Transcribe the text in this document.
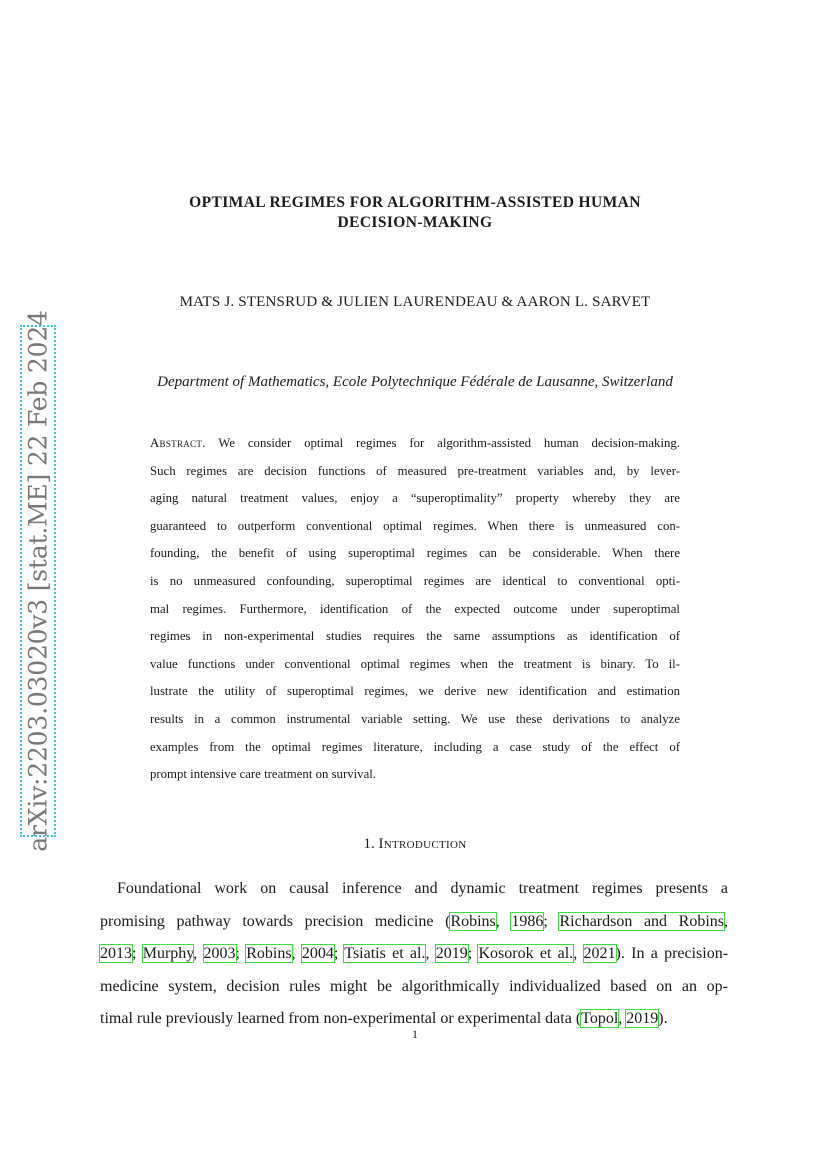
arXiv:2203.03020v3 [stat.ME] 22 Feb 2024
OPTIMAL REGIMES FOR ALGORITHM-ASSISTED HUMAN
DECISION-MAKING
MATS J. STENSRUD & JULIEN LAURENDEAU & AARON L. SARVET
Department of Mathematics, Ecole Polytechnique Fédérale de Lausanne, Switzerland
Abstract. We consider optimal regimes for algorithm-assisted human decision-making.
Such regimes are decision functions of measured pre-treatment variables and, by lever-
aging natural treatment values, enjoy a “superoptimality” property whereby they are
guaranteed to outperform conventional optimal regimes. When there is unmeasured con-
founding, the benefit of using superoptimal regimes can be considerable. When there
is no unmeasured confounding, superoptimal regimes are identical to conventional opti-
mal regimes. Furthermore, identification of the expected outcome under superoptimal
regimes in non-experimental studies requires the same assumptions as identification of
value functions under conventional optimal regimes when the treatment is binary. To il-
lustrate the utility of superoptimal regimes, we derive new identification and estimation
results in a common instrumental variable setting. We use these derivations to analyze
examples from the optimal regimes literature, including a case study of the effect of
prompt intensive care treatment on survival.
1. Introduction
Foundational work on causal inference and dynamic treatment regimes presents a
promising pathway towards precision medicine (Robins, 1986; Richardson and Robins,
2013; Murphy, 2003; Robins, 2004; Tsiatis et al., 2019; Kosorok et al., 2021). In a precision-
medicine system, decision rules might be algorithmically individualized based on an op-
timal rule previously learned from non-experimental or experimental data (Topol, 2019).
1
